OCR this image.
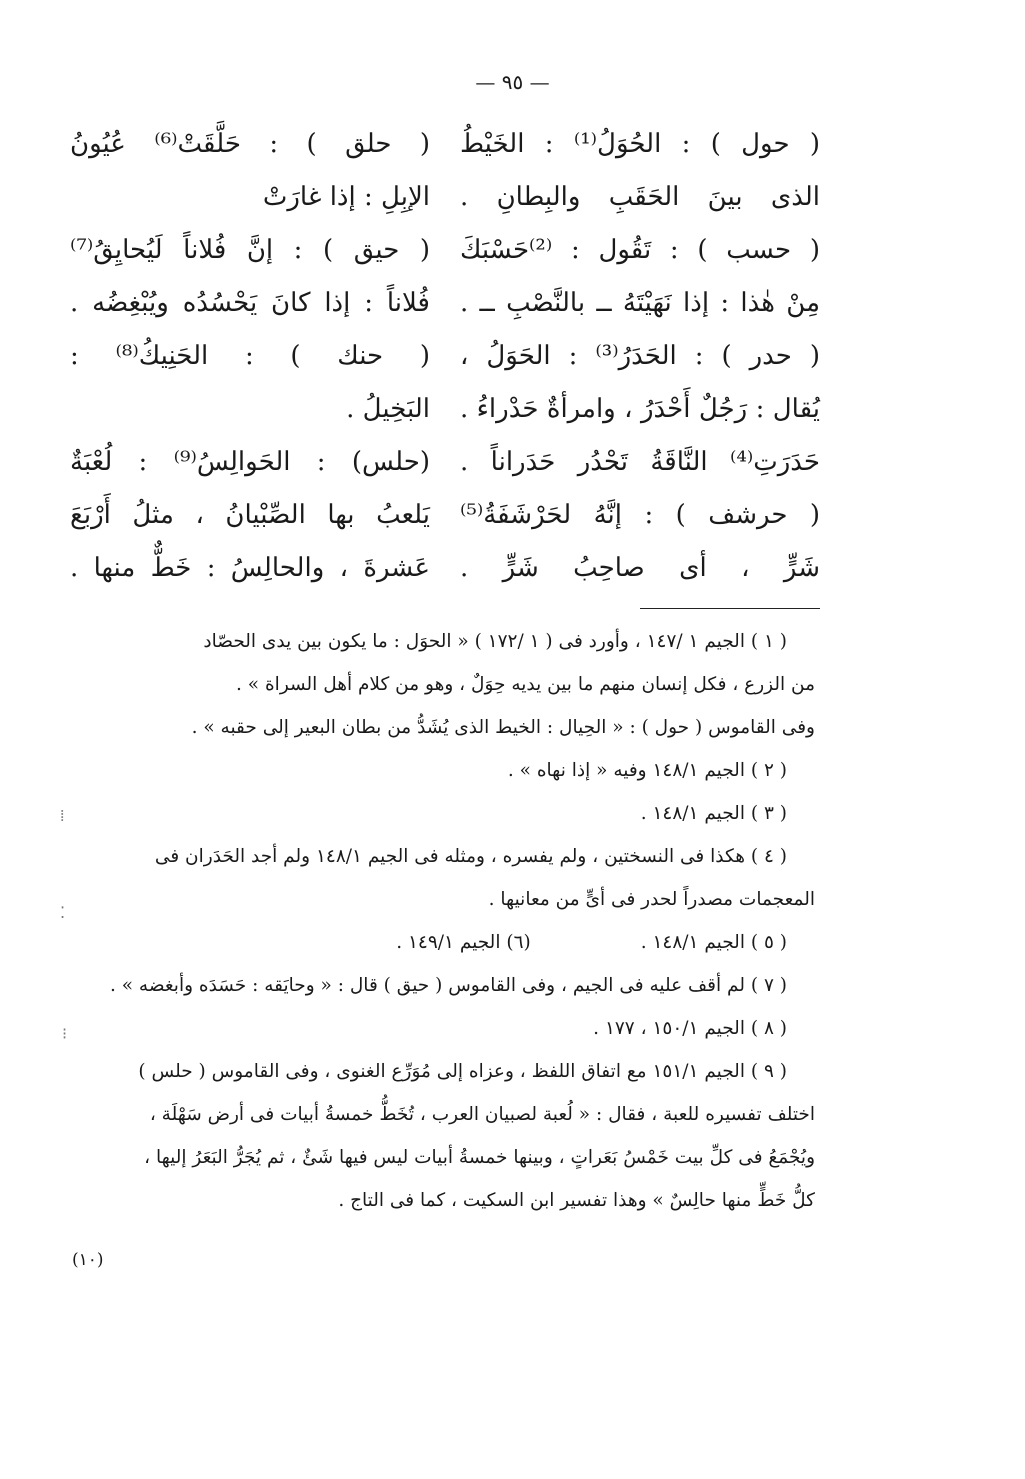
— ٩٥ —
( حول ) : الحُوَلُ⁽¹⁾ : الخَيْطُ
الذى بينَ الحَقَبِ والبِطانِ .
( حسب ) : تَقُول : ⁽²⁾حَسْبَكَ
مِنْ هٰذا : إذا نَهَيْتَهُ ــ بالنَّصْبِ ــ .
( حدر ) : الحَدَرُ⁽³⁾ : الحَوَلُ ،
يُقال : رَجُلٌ أَحْدَرُ ، وامرأةٌ حَدْراءُ .
حَدَرَتِ⁽⁴⁾ النَّاقَةُ تَحْدُر حَدَراناً .
( حرشف ) : إنَّهُ لحَرْشَفَةُ⁽⁵⁾
شَرٍّ ، أى صاحِبُ شَرٍّ .
( حلق ) : حَلَّقَتْ⁽⁶⁾ عُيُونُ
الإبِلِ : إذا غارَتْ
( حيق ) : إنَّ فُلاناً لَيُحايِقُ⁽⁷⁾
فُلاناً : إذا كانَ يَحْسُدُه ويُبْغِضُه .
( حنك ) : الحَنِيكُ⁽⁸⁾ :
البَخِيلُ .
(حلس) : الحَوالِسُ⁽⁹⁾ : لُعْبَةٌ
يَلعبُ بها الصِّبْيانُ ، مثلُ أَرْبَعَ
عَشرةَ ، والحالِسُ : خَطٌّ منها .
( ١ ) الجيم ١ /١٤٧ ، وأورد فى ( ١ /١٧٢ ) « الحوَل : ما يكون بين يدى الحصّاد
من الزرع ، فكل إنسان منهم ما بين يديه حِوَلٌ ، وهو من كلام أهل السراة » .
وفى القاموس ( حول ) : « الحِيال : الخيط الذى يُشَدُّ من بطان البعير إلى حقبه » .
( ٢ ) الجيم ١٤٨/١ وفيه « إذا نهاه » .
( ٣ ) الجيم ١٤٨/١ .
( ٤ ) هكذا فى النسختين ، ولم يفسره ، ومثله فى الجيم ١٤٨/١ ولم أجد الحَدَران فى
المعجمات مصدراً لحدر فى أىٍّ من معانيها .
( ٥ ) الجيم ١٤٨/١ .
(٦) الجيم ١٤٩/١ .
( ٧ ) لم أقف عليه فى الجيم ، وفى القاموس ( حيق ) قال : « وحايَقه : حَسَدَه وأبغضه » .
( ٨ ) الجيم ١٥٠/١ ، ١٧٧ .
( ٩ ) الجيم ١٥١/١ مع اتفاق اللفظ ، وعزاه إلى مُوَرِّع الغنوى ، وفى القاموس ( حلس )
اختلف تفسيره للعبة ، فقال : « لُعبة لصبيان العرب ، تُخَطُّ خمسةُ أبيات فى أرض سَهْلَة ،
ويُجْمَعُ فى كلِّ بيت خَمْسُ بَعَراتٍ ، وبينها خمسةُ أبيات ليس فيها شَئٌ ، ثم يُجَرُّ البَعَرُ إليها ،
كلُّ خَطٍّ منها حالِسٌ » وهذا تفسير ابن السكيت ، كما فى التاج .
(١٠)
⁞
⁚
⁝
